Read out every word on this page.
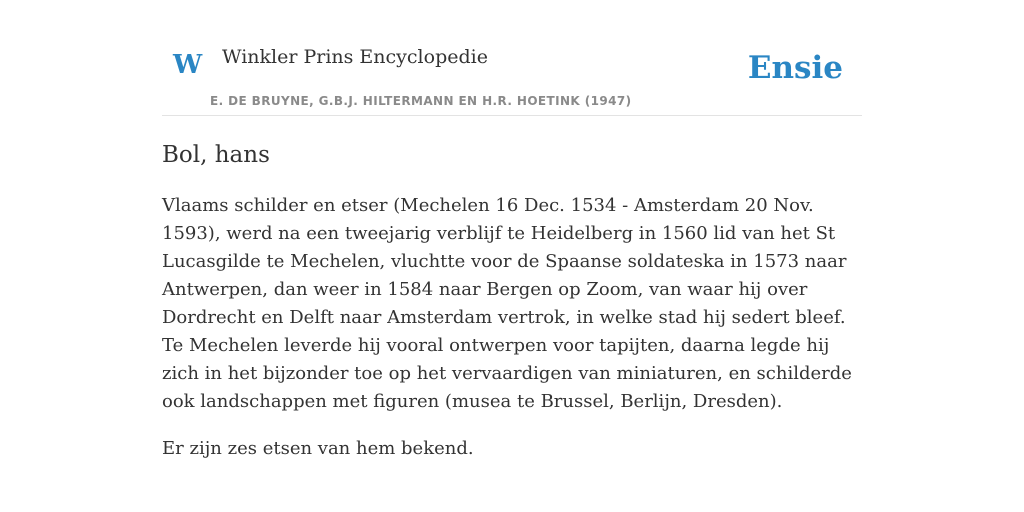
W Winkler Prins Encyclopedie
E. DE BRUYNE, G.B.J. HILTERMANN EN H.R. HOETINK (1947)
Ensie
Bol, hans

Vlaams schilder en etser (Mechelen 16 Dec. 1534 - Amsterdam 20 Nov. 1593), werd na een tweejarig verblijf te Heidelberg in 1560 lid van het St Lucasgilde te Mechelen, vluchtte voor de Spaanse soldateska in 1573 naar Antwerpen, dan weer in 1584 naar Bergen op Zoom, van waar hij over Dordrecht en Delft naar Amsterdam vertrok, in welke stad hij sedert bleef. Te Mechelen leverde hij vooral ontwerpen voor tapijten, daarna legde hij zich in het bijzonder toe op het vervaardigen van miniaturen, en schilderde ook landschappen met figuren (musea te Brussel, Berlijn, Dresden).

Er zijn zes etsen van hem bekend.
